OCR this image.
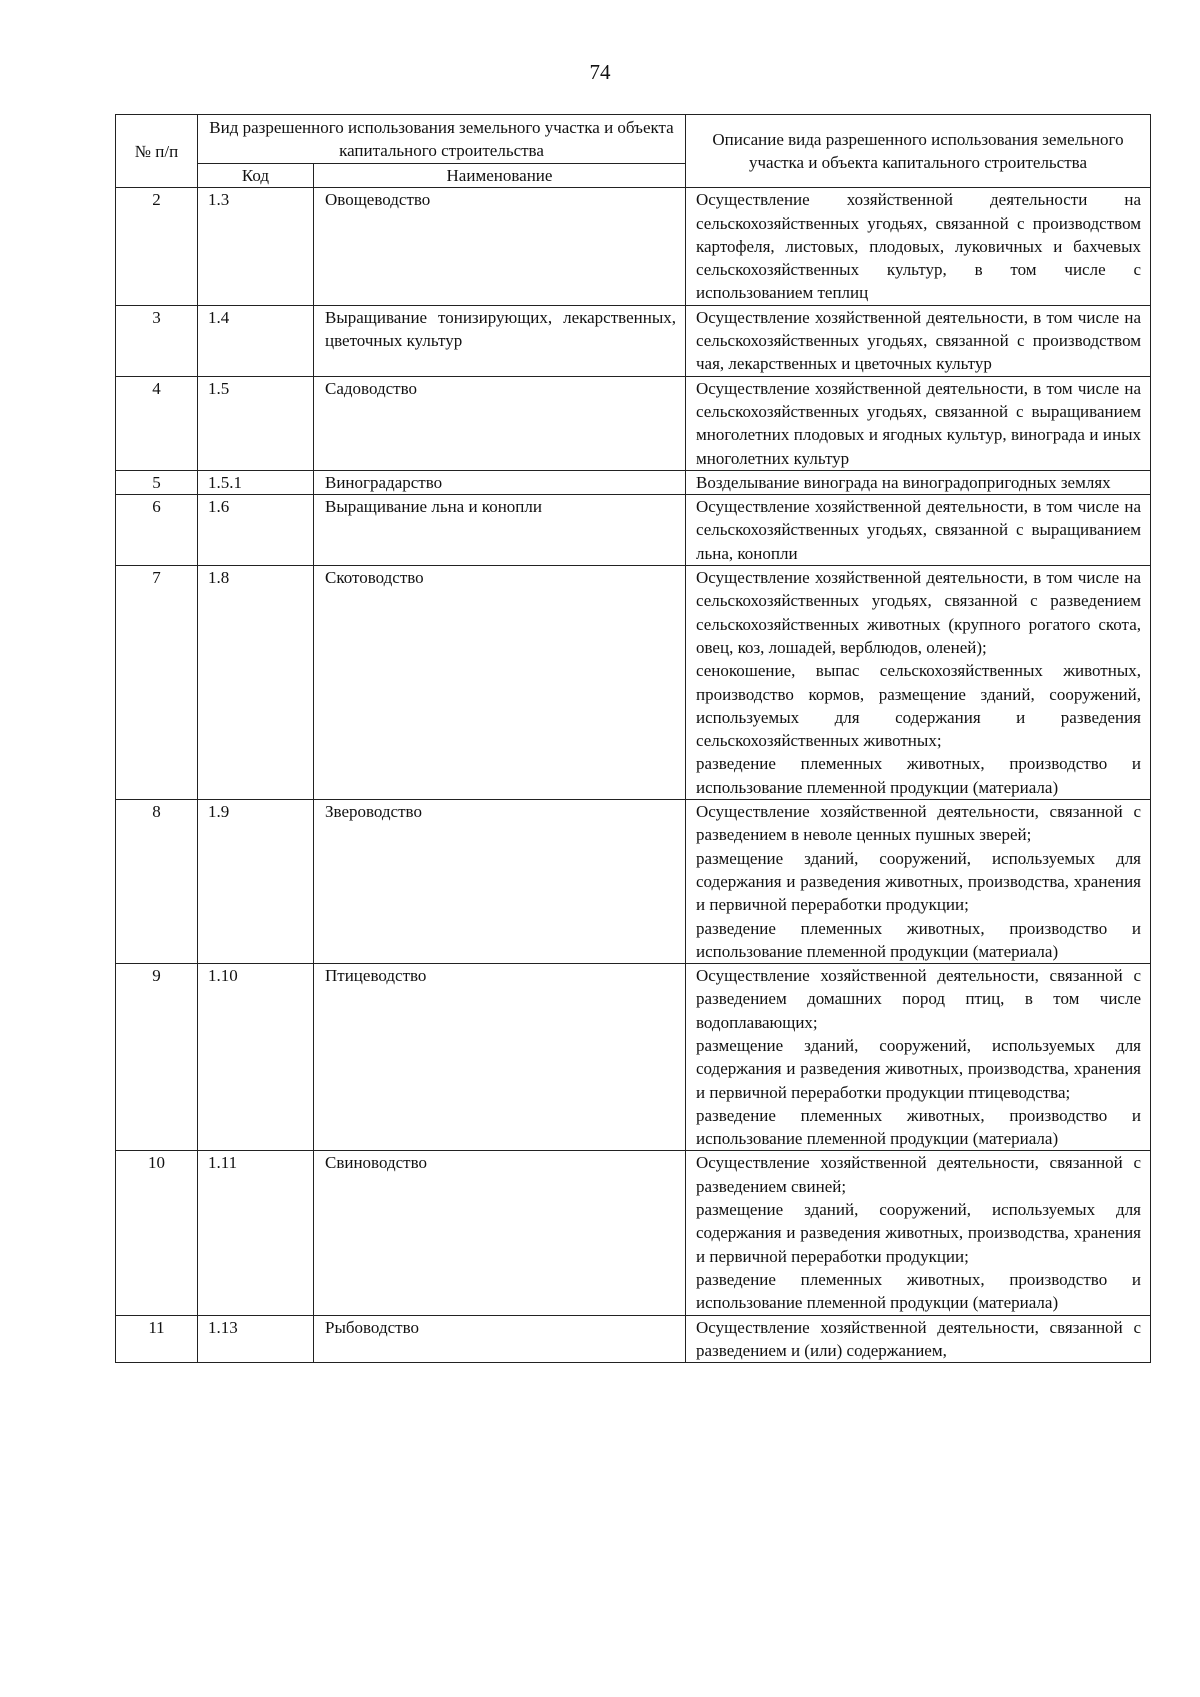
74
№ п/п	Вид разрешенного использования земельного участка и объекта капитального строительства		Описание вида разрешенного использования земельного участка и объекта капитального строительства
	Код	Наименование	
2	1.3	Овощеводство	Осуществление хозяйственной деятельности на сельскохозяйственных угодьях, связанной с производством картофеля, листовых, плодовых, луковичных и бахчевых сельскохозяйственных культур, в том числе с использованием теплиц

3	1.4	Выращивание тонизирующих, лекарственных, цветочных культур	Осуществление хозяйственной деятельности, в том числе на сельскохозяйственных угодьях, связанной с производством чая, лекарственных и цветочных культур

4	1.5	Садоводство	Осуществление хозяйственной деятельности, в том числе на сельскохозяйственных угодьях, связанной с выращиванием многолетних плодовых и ягодных культур, винограда и иных многолетних культур

5	1.5.1	Виноградарство	Возделывание винограда на виноградопригодных землях

6	1.6	Выращивание льна и конопли	Осуществление хозяйственной деятельности, в том числе на сельскохозяйственных угодьях, связанной с выращиванием льна, конопли

7	1.8	Скотоводство	Осуществление хозяйственной деятельности, в том числе на сельскохозяйственных угодьях, связанной с разведением сельскохозяйственных животных (крупного рогатого скота, овец, коз, лошадей, верблюдов, оленей);
сенокошение, выпас сельскохозяйственных животных, производство кормов, размещение зданий, сооружений, используемых для содержания и разведения сельскохозяйственных животных;
разведение племенных животных, производство и использование племенной продукции (материала)

8	1.9	Звероводство	Осуществление хозяйственной деятельности, связанной с разведением в неволе ценных пушных зверей;
размещение зданий, сооружений, используемых для содержания и разведения животных, производства, хранения и первичной переработки продукции;
разведение племенных животных, производство и использование племенной продукции (материала)

9	1.10	Птицеводство	Осуществление хозяйственной деятельности, связанной с разведением домашних пород птиц, в том числе водоплавающих;
размещение зданий, сооружений, используемых для содержания и разведения животных, производства, хранения и первичной переработки продукции птицеводства;
разведение племенных животных, производство и использование племенной продукции (материала)

10	1.11	Свиноводство	Осуществление хозяйственной деятельности, связанной с разведением свиней;
размещение зданий, сооружений, используемых для содержания и разведения животных, производства, хранения и первичной переработки продукции;
разведение племенных животных, производство и использование племенной продукции (материала)

11	1.13	Рыбоводство	Осуществление хозяйственной деятельности, связанной с разведением и (или) содержанием,
